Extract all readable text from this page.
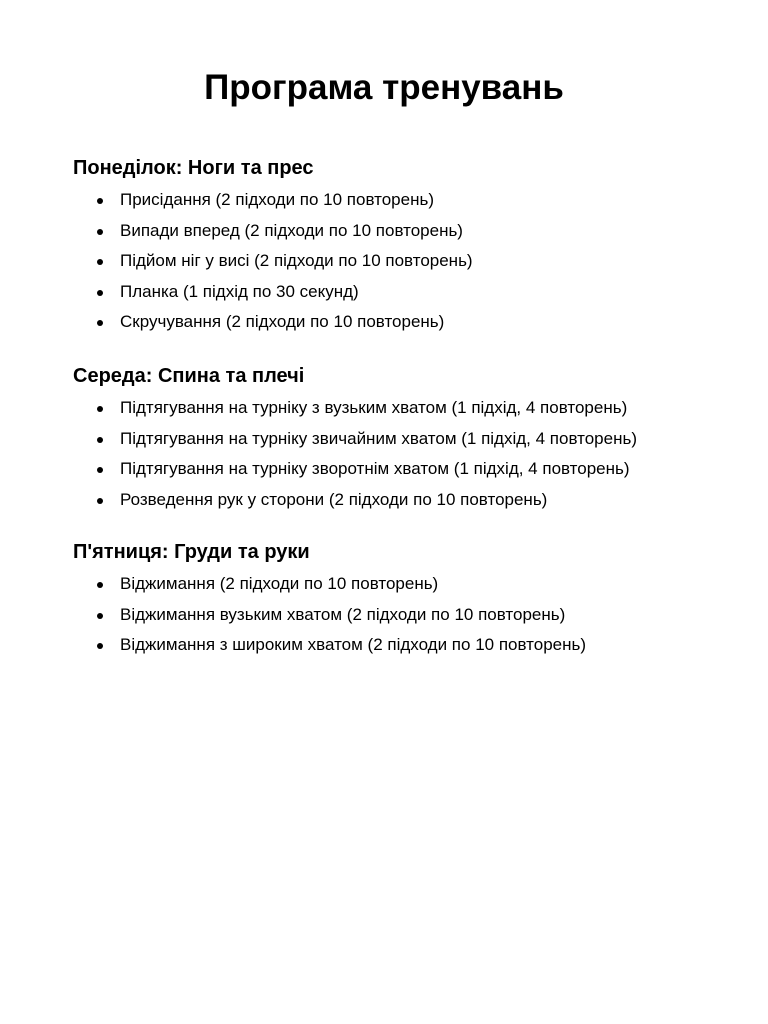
Програма тренувань
Понеділок: Ноги та прес
Присідання (2 підходи по 10 повторень)
Випади вперед (2 підходи по 10 повторень)
Підйом ніг у висі (2 підходи по 10 повторень)
Планка (1 підхід по 30 секунд)
Скручування (2 підходи по 10 повторень)
Середа: Спина та плечі
Підтягування на турніку з вузьким хватом (1 підхід, 4 повторень)
Підтягування на турніку звичайним хватом (1 підхід, 4 повторень)
Підтягування на турніку зворотнім хватом (1 підхід, 4 повторень)
Розведення рук у сторони (2 підходи по 10 повторень)
П'ятниця: Груди та руки
Віджимання (2 підходи по 10 повторень)
Віджимання вузьким хватом (2 підходи по 10 повторень)
Віджимання з широким хватом (2 підходи по 10 повторень)
